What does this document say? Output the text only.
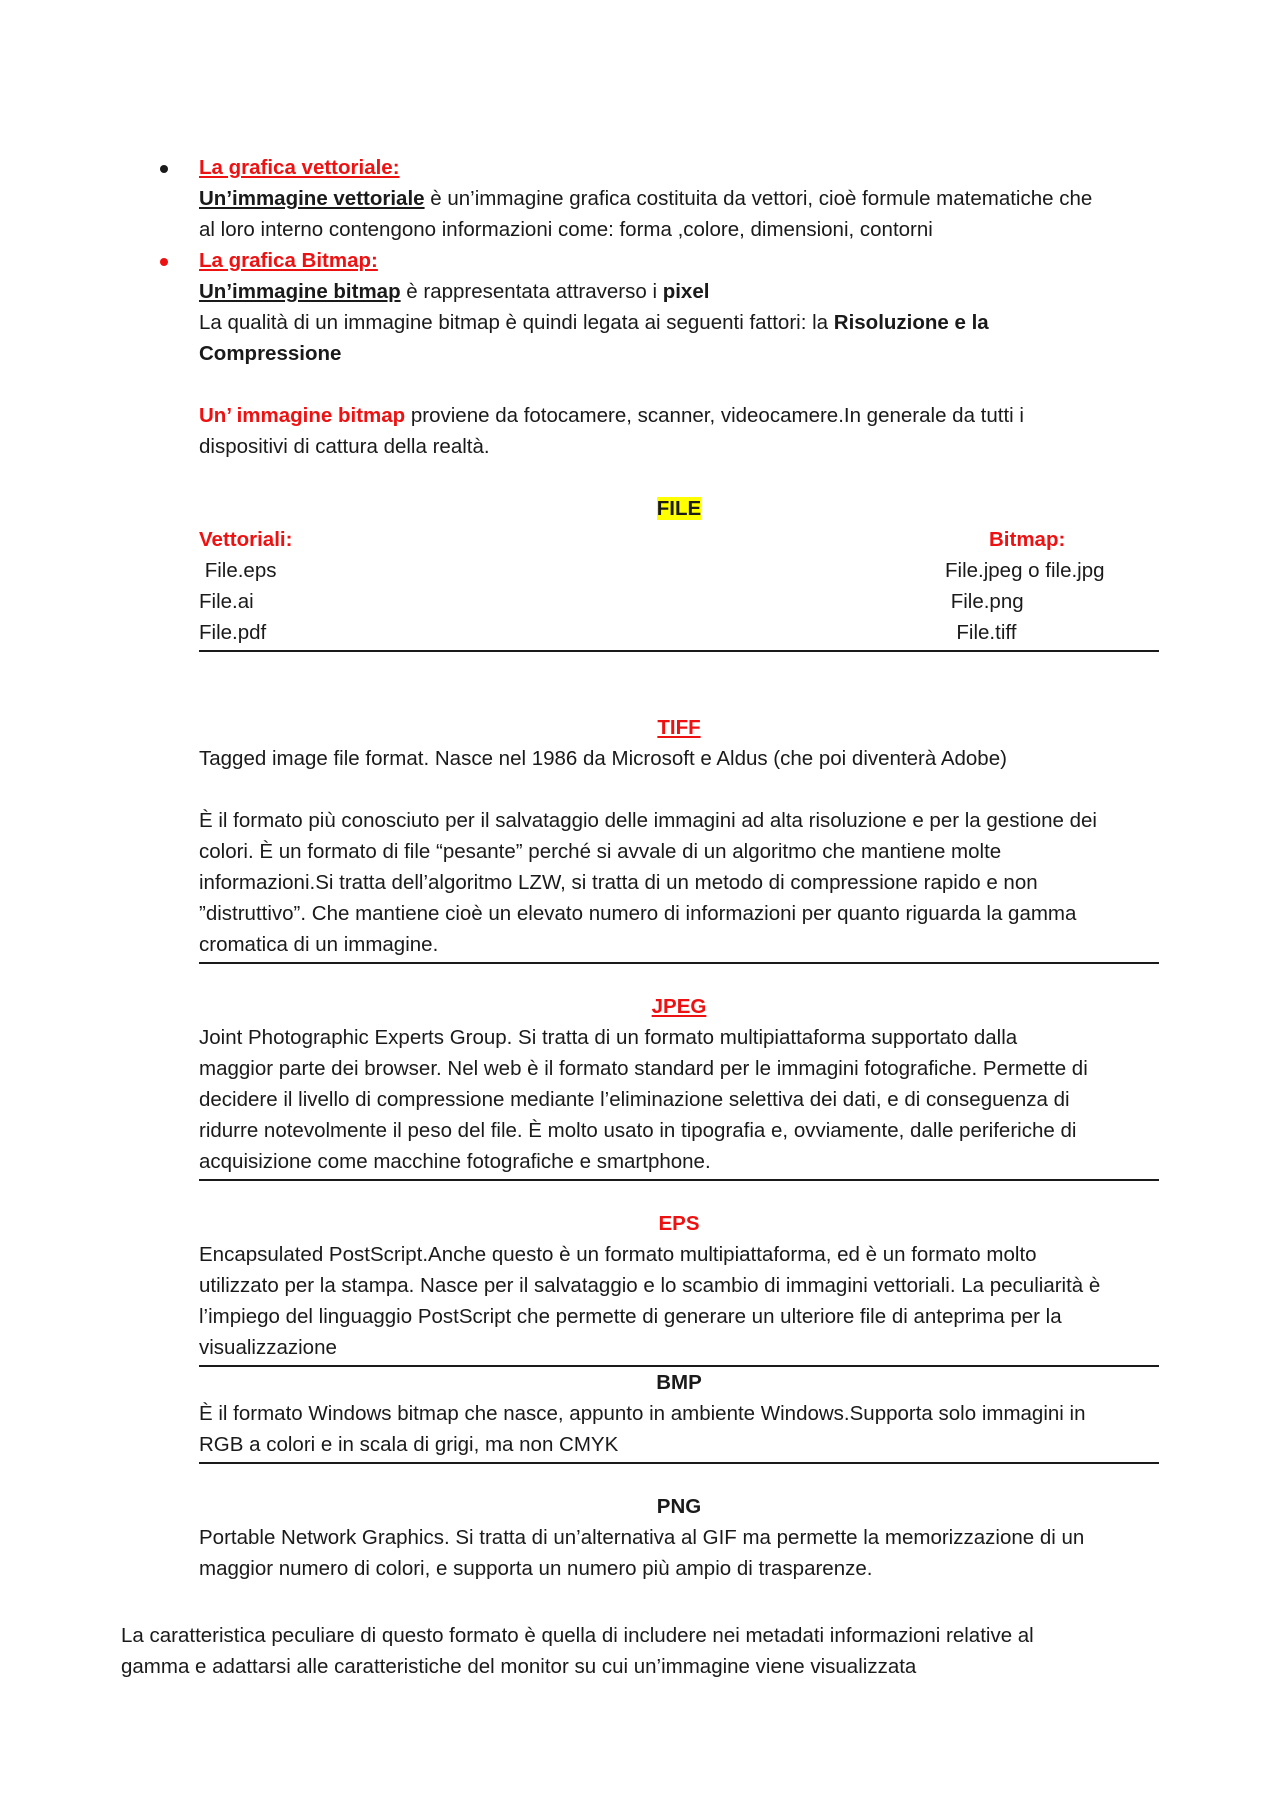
La grafica vettoriale:
Un’immagine vettoriale è un’immagine grafica costituita da vettori, cioè formule matematiche che
al loro interno contengono informazioni come: forma ,colore, dimensioni, contorni
La grafica Bitmap:
Un’immagine bitmap è rappresentata attraverso i pixel
La qualità di un immagine bitmap è quindi legata ai seguenti fattori: la Risoluzione e la
Compressione
Un’ immagine bitmap proviene da fotocamere, scanner, videocamere.In generale da tutti i
dispositivi di cattura della realtà.
FILE
Vettoriali:
File.eps
File.ai
File.pdf
Bitmap:
File.jpeg o file.jpg
File.png
File.tiff
TIFF
Tagged image file format. Nasce nel 1986 da Microsoft e Aldus (che poi diventerà Adobe)
È il formato più conosciuto per il salvataggio delle immagini ad alta risoluzione e per la gestione dei
colori. È un formato di file “pesante” perché si avvale di un algoritmo che mantiene molte
informazioni.Si tratta dell’algoritmo LZW, si tratta di un metodo di compressione rapido e non
”distruttivo”. Che mantiene cioè un elevato numero di informazioni per quanto riguarda la gamma
cromatica di un immagine.
JPEG
Joint Photographic Experts Group. Si tratta di un formato multipiattaforma supportato dalla
maggior parte dei browser. Nel web è il formato standard per le immagini fotografiche. Permette di
decidere il livello di compressione mediante l’eliminazione selettiva dei dati, e di conseguenza di
ridurre notevolmente il peso del file. È molto usato in tipografia e, ovviamente, dalle periferiche di
acquisizione come macchine fotografiche e smartphone.
EPS
Encapsulated PostScript.Anche questo è un formato multipiattaforma, ed è un formato molto
utilizzato per la stampa. Nasce per il salvataggio e lo scambio di immagini vettoriali. La peculiarità è
l’impiego del linguaggio PostScript che permette di generare un ulteriore file di anteprima per la
visualizzazione
BMP
È il formato Windows bitmap che nasce, appunto in ambiente Windows.Supporta solo immagini in
RGB a colori e in scala di grigi, ma non CMYK
PNG
Portable Network Graphics. Si tratta di un’alternativa al GIF ma permette la memorizzazione di un
maggior numero di colori, e supporta un numero più ampio di trasparenze.
La caratteristica peculiare di questo formato è quella di includere nei metadati informazioni relative al
gamma e adattarsi alle caratteristiche del monitor su cui un’immagine viene visualizzata
